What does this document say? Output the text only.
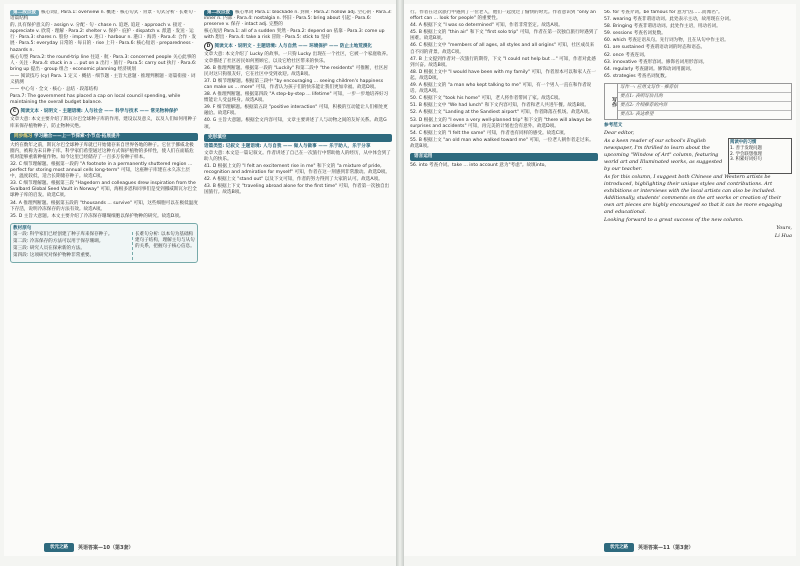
第二段点拨 核心词汇 Para.1: overview n. 概述 · 核心句式 · 背景 · 句式分析 · 长难句 · 语篇结构

的, 具有保护意义的 · assign v. 分配 · 句 · chase n. 追逐, 追赶 · approach v. 接近 · appreciate v. 欣赏 · 理解 · Para.2: shelter v. 保护 · 庇护 · dispatch v. 派遣 · 发送 · 运行 · Para.3: shares n. 股份 · import v. 进口 · harbour n. 港口 · 海湾 · Para.4: 合作 · 发展 · Para.5: everyday 日常的 · 每日的 · rise 上升 · Para.6: 核心短语 · preparedness · hazards n.

核心句型 Para.2: the round-trip line 往返 · 航 · Para.3: concerned people 关心此事的人 · 关注 · Para.4: stuck in a ... put on a 出行 · 旅行 · Para.5: carry out 执行 · Para.6: bring up 提出 · group 组合 · economic planning 经济规划

—— 阅读技巧 (cy) Para. 1 定义 · 概括 · 细节题 · 主旨大意题 · 推理判断题 · 语篇衔接 · 词义猜测

—— 中心句 · 全文 · 核心 · 总结 · 段落结构

Para.7: The government has placed a cap on local council spending, while maintaining the overall budget balance.

C 阅读文本 · 说明文 · 主题语境: 人与社会 —— 科学与技术 —— 常见物种保护

文章大意: 本文主要介绍了斯瓦尔巴全球种子库的作用、建设以及意义，以及人们如何用种子库来保存植物种子，防止物种灭绝。

同步练习 学习融合——上一节探索·小节点·拓展提升

大约在数年之前，斯瓦尔巴全球种子库就已开始储存来自世界各地的种子。它位于挪威北极圈内，被称为末日种子库。科学家们希望通过这种方式保护植物的多样性，使人们在面临危机时能够重新种植作物。如今这里已经储存了一百多万份种子样本。

32. C 细节理解题。根据第一段的 "A footnote in a permanently shuttered region ... perfect for storing most annual cells long-term" 可知，这座种子库建在永久冻土层中，温度较低，适合长期储存种子。故选C项。

33. C 细节理解题。根据第三段 "Hagedorn and colleagues drew inspiration from the Svalbard Global Seed Vault in Norway" 可知，海根多恩和同事们是受到挪威斯瓦尔巴全球种子库的启发。故选C项。

34. A 推理判断题。根据第五段的 "thousands ... survive" 可知，这些细胞可以在极低温度下存活，说明冷冻保存的方法有效。故选A项。

35. D 主旨大意题。本文主要介绍了冷冻保存珊瑚细胞以保护物种的研究。故选D项。

教材原句

第一段: 科学家们已经创建了种子库来保存种子。

第二段: 冷冻保存的方法可以用于保存珊瑚。

第三段: 研究人员在探索新的方法。

第四段: 这项研究对保护物种非常重要。

长难句分析: 以本句为基础构建句子结构，理解主句与从句的关系，把握句子核心信息。

第二段点拨 核心单词 Para.1: blockade n. 封锁 · Para.2: hollow adj. 空心的 · Para.3: inner n. 内部 · Para.4: nostalgia n. 怀旧 · Para.5: bring about 引起 · Para.6: preserve v. 保存 · intact adj. 完整的

核心短语 Para.1: all of a sudden 突然 · Para.2: depend on 依靠 · Para.3: come up with 想出 · Para.4: take a risk 冒险 · Para.5: stick to 坚持

D 阅读文本 · 说明文 · 主题语境: 人与自然 —— 环境保护 —— 防止土地荒漠化

文章大意: 本文介绍了 Lucky 的故事。一只狗 Lucky 出现在一个社区，它被一个家庭收养。文章描述了社区居民如何照顾它，以及它给社区带来的快乐。

36. B 推理判断题。根据第一段的 "Luckily" 和第二段中 "the residents" 可推断，社区居民对这只狗很友好，它在社区中受到欢迎。故选B项。

37. D 细节理解题。根据第三段中 "by encouraging ... seeing children's happiness can make us ... more" 可知，作者认为孩子们的快乐能让我们更加幸福。故选D项。

38. A 推理判断题。根据第四段 "A step-by-step ... lifetime" 可知，一步一步地培养好习惯能让人受益终身。故选A项。

39. F 细节理解题。根据第五段 "positive interaction" 可知，积极的互动能让人们相处更融洽。故选F项。

40. G 主旨大意题。根据全文内容可知，文章主要讲述了人与动物之间的友好关系。故选G项。

完形填空

语篇类型: 记叙文 主题语境: 人与自我 —— 做人与做事 —— 乐于助人，乐于分享

文章大意: 本文是一篇记叙文。作者讲述了自己在一次旅行中帮助他人的经历，从中体会到了助人的快乐。

41. D 根据上文的 "I felt an excitement rise in me" 和下文的 "a mixture of pride, recognition and admiration for myself" 可知，作者在这一刻感到非常激动。故选D项。

42. A 根据上文 "stand out" 以及下文可知，作者的努力得到了大家的认可。故选A项。

43. B 根据上下文 "traveling abroad alone for the first time" 可知，作者第一次独自出国旅行。故选B项。

状元之路	英语答案—10（第3套）

行。作者在这次旅行中遇到了一位老人，他们一起度过了愉快的时光。作者意识到 "only an effort can ... look for people" 的重要性。

44. A 根据下文 "I was so determined" 可知，作者非常坚定。故选A项。

45. B 根据上文的 "thin air" 和下文 "first solo trip" 可知，作者在第一次独自旅行时遇到了困难。故选B项。

46. C 根据上文中 "members of all ages, all styles and all origins" 可知，社区成员来自不同的背景。故选C项。

47. B 上文提到作者对一次旅行的期待，下文 "I could not help but ..." 可知，作者对此感到兴奋。故选B项。

48. D 根据上文中 "I would have been with my family" 可知，作者原本可以和家人在一起。故选D项。

49. A 根据上文的 "a man who kept talking to me" 可知，有一个男人一直在和作者说话。故选A项。

50. C 根据下文 "took his home" 可知，老人将作者带回了家。故选C项。

51. B 根据上文中 "We had lunch" 和下文内容可知，作者和老人共进午餐。故选B项。

52. A 根据上文 "Landing at the Sandiest airport" 可知，作者降落在机场。故选A项。

53. D 根据上文的 "I even a very well-planned trip" 和下文的 "there will always be surprises and accidents" 可知，再完美的计划也会有意外。故选D项。

54. C 根据上文的 "I felt the same" 可知，作者也有同样的感受。故选C项。

55. B 根据上文 "an old man who walked toward me" 可知，一位老人朝作者走过来。故选B项。

语言运用

56. into 考查介词。take ... into account 意为"考虑"。故填into。

56. for 考查介词。be famous for 意为"因……而闻名"。

57. wearing 考查非谓语动词。此处表示主动，故用现在分词。

58. Bringing 考查非谓语动词。此处作主语，用动名词。

59. sessions 考查名词复数。

60. which 考查定语从句。先行词为物，且在从句中作主语。

61. are sustained 考查谓语动词的时态和语态。

62. once 考查连词。

63. innovative 考查形容词。修饰名词用形容词。

64. regularly 考查副词。修饰动词用副词。

65. strategies 考查名词复数。

写作
写作一: 应用文写作 · 推荐信
要点1: 表明写信目的
要点2: 介绍推荐的内容
要点3: 表达希望

参考范文

Dear editor,

As a keen reader of our school's English newspaper, I'm thrilled to learn about the upcoming "Window of Art" column, featuring world art and Illuminated works, as suggested by our teacher.

阅读中的习惯
1. 善于发现问题
2. 学会联想推理
3. 积累好词好句

As for this column, I suggest both Chinese and Western artists be introduced, highlighting their unique styles and contributions. Art exhibitions or interviews with the local artists can also be included. Additionally, students' comments on the art works or creation of their own art pieces are highly encouraged so that it can be more engaging and educational.

Looking forward to a great success of the new column.

Yours,

Li Hua

状元之路	英语答案—11（第3套）
